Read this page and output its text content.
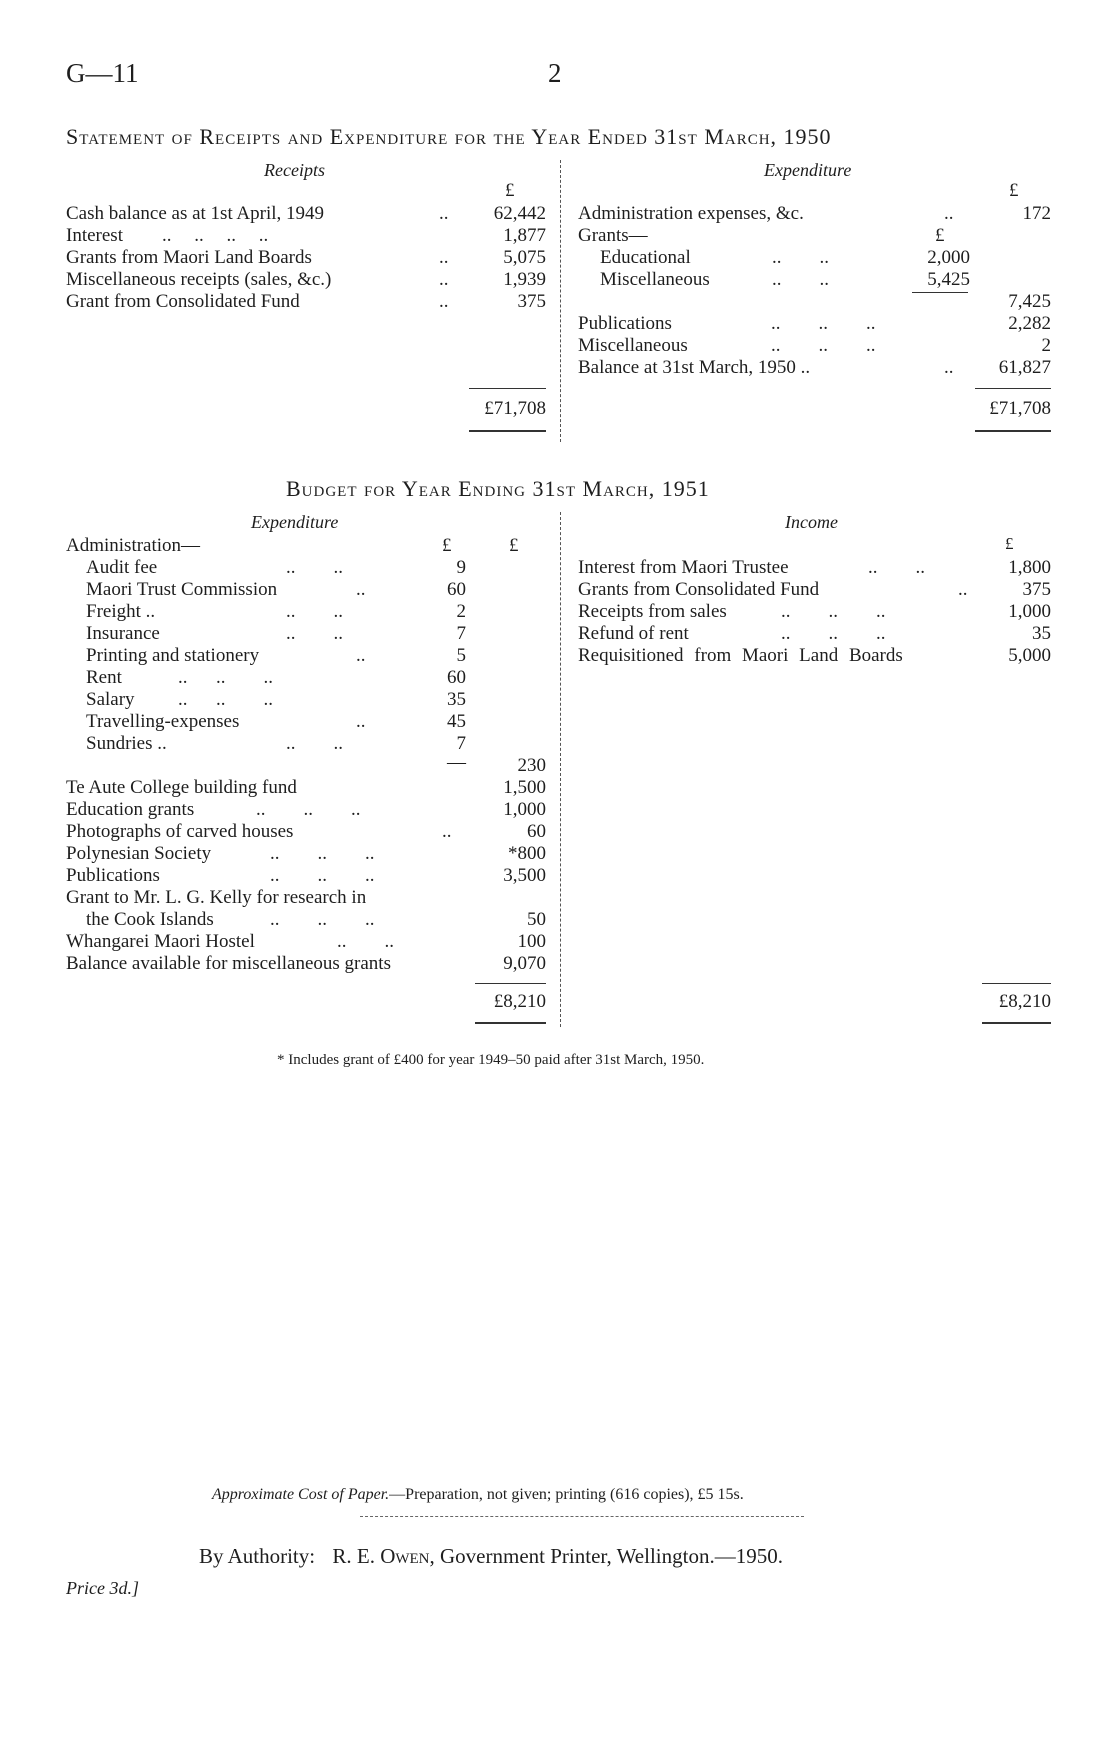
G—11	2
Statement of Receipts and Expenditure for the Year Ended 31st March, 1950
Receipts
£
Cash balance as at 1st April, 1949	.. 62,442
Interest .. .. .. ..	1,877
Grants from Maori Land Boards	..	5,075
Miscellaneous receipts (sales, &c.)	..	1,939
Grant from Consolidated Fund	..	375
£71,708
Expenditure
£
Administration expenses, &c.	..	172
Grants—	£
Educational	..        ..	2,000
Miscellaneous	..        ..	5,425
7,425
Publications	..        ..        ..	2,282
Miscellaneous	..        ..        ..	2
Balance at 31st March, 1950 ..	.. 61,827
£71,708
Budget for Year Ending 31st March, 1951
Expenditure
Administration—	£	£
Audit fee	..        ..	9
Maori Trust Commission	..	60
Freight ..	..        ..	2
Insurance	..        ..	7
Printing and stationery	..	5
Rent	..      ..        ..	60
Salary ..      ..        ..	35
Travelling-expenses	..	45
Sundries ..	..        ..	7
—	230
Te Aute College building fund	1,500
Education grants	..        ..        ..	1,000
Photographs of carved houses	..	60
Polynesian Society	..        ..        ..	*800
Publications	..        ..        ..	3,500
Grant to Mr. L. G. Kelly for research in
the Cook Islands	..        ..        ..	50
Whangarei Maori Hostel	..        ..	100
Balance available for miscellaneous grants	9,070
£8,210
Income
£
Interest from Maori Trustee	..        ..	1,800
Grants from Consolidated Fund	..	375
Receipts from sales	..        ..        ..	1,000
Refund of rent	..        ..        ..	35
Requisitioned from Maori Land Boards	5,000
£8,210
* Includes grant of £400 for year 1949–50 paid after 31st March, 1950.
Approximate Cost of Paper.—Preparation, not given; printing (616 copies), £5 15s.
By Authority: R. E. Owen, Government Printer, Wellington.—1950.
Price 3d.]
